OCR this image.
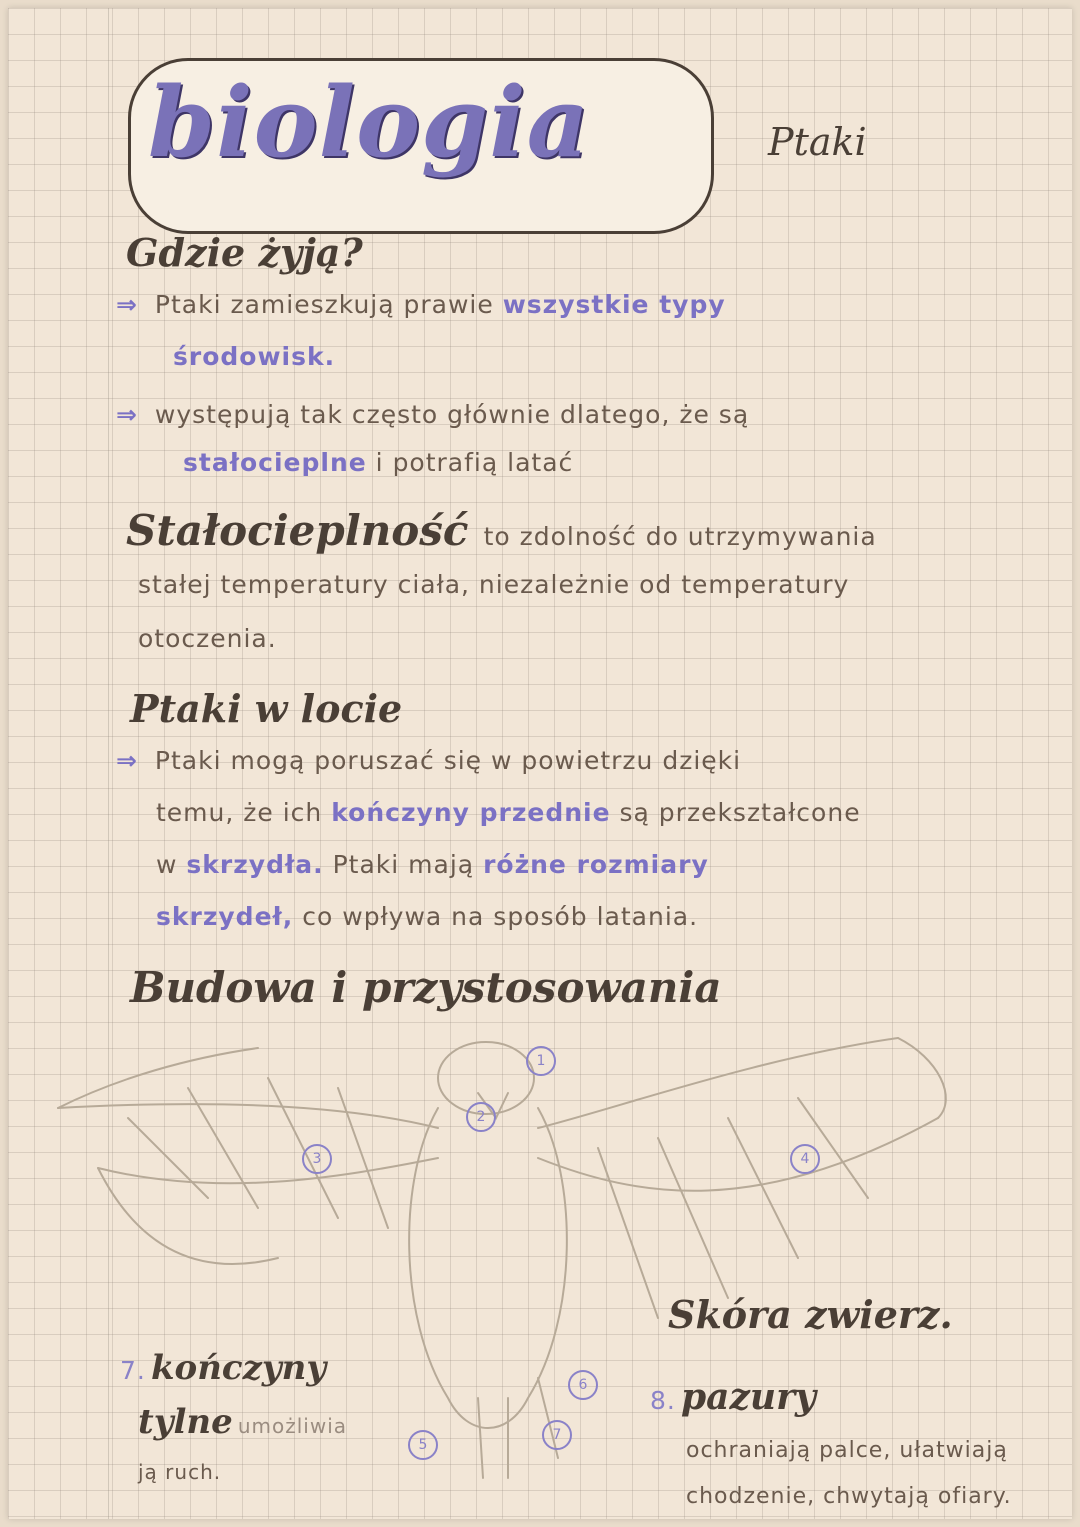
biologia	Ptaki
Gdzie żyją?
⇒ Ptaki zamieszkują prawie wszystkie typy
środowisk.
⇒ występują tak często głównie dlatego, że są
stałocieplne i potrafią latać
Stałocieplność to zdolność do utrzymywania
stałej temperatury ciała, niezależnie od temperatury
otoczenia.
Ptaki w locie
⇒ Ptaki mogą poruszać się w powietrzu dzięki
temu, że ich kończyny przednie są przekształcone
w skrzydła. Ptaki mają różne rozmiary
skrzydeł, co wpływa na sposób latania.
Budowa i przystosowania
1
2
3	4
5
6
7
Skóra zwierz.
7. kończyny
tylne umożliwia
ją ruch.
8. pazury
ochraniają palce, ułatwiają
chodzenie, chwytają ofiary.
